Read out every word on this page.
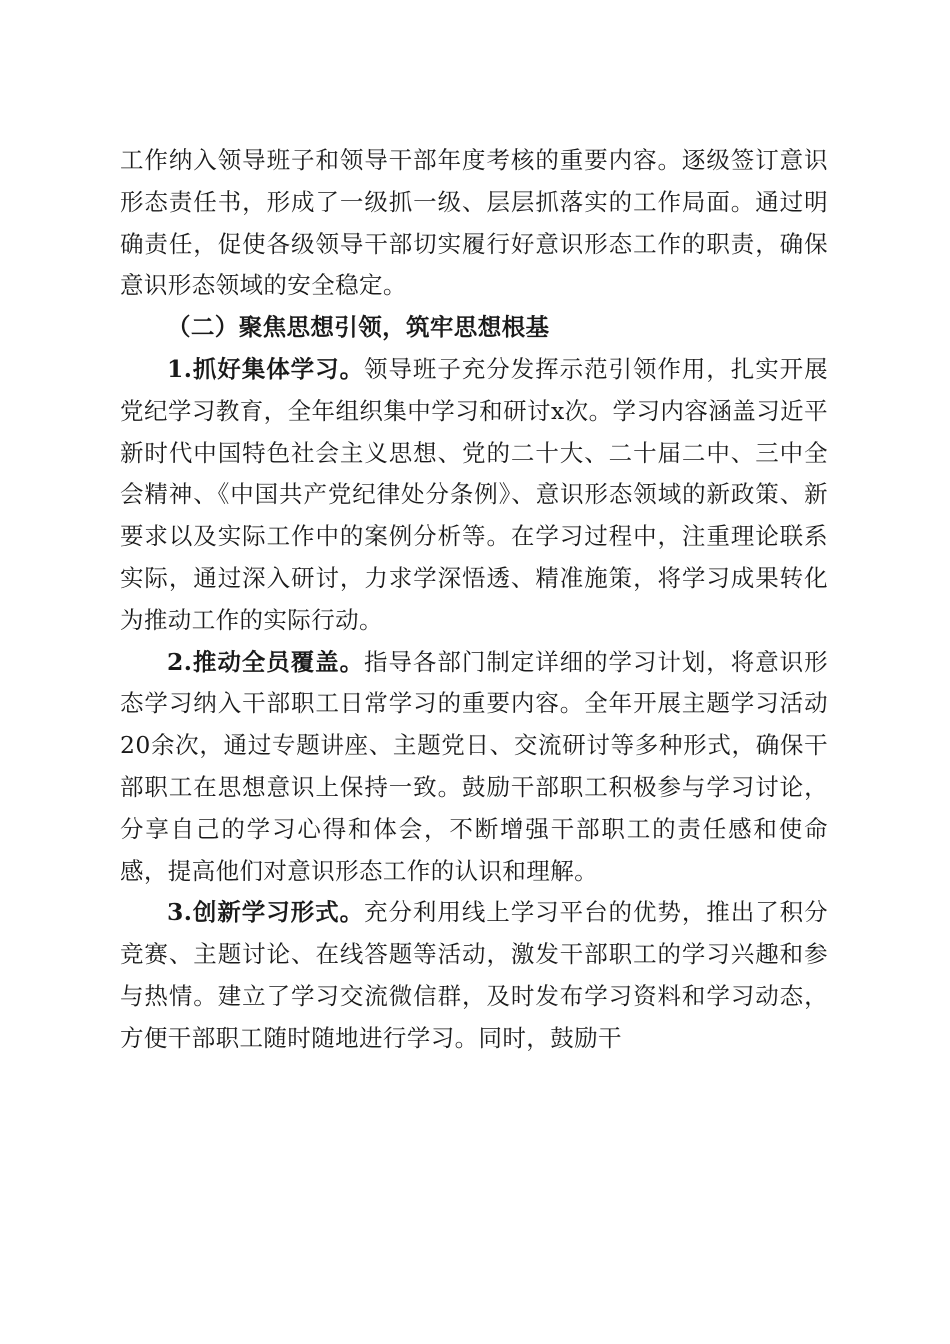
工作纳入领导班子和领导干部年度考核的重要内容。逐级签订意识形态责任书，形成了一级抓一级、层层抓落实的工作局面。通过明确责任，促使各级领导干部切实履行好意识形态工作的职责，确保意识形态领域的安全稳定。

（二）聚焦思想引领，筑牢思想根基

1.抓好集体学习。领导班子充分发挥示范引领作用，扎实开展党纪学习教育，全年组织集中学习和研讨x次。学习内容涵盖习近平新时代中国特色社会主义思想、党的二十大、二十届二中、三中全会精神、《中国共产党纪律处分条例》、意识形态领域的新政策、新要求以及实际工作中的案例分析等。在学习过程中，注重理论联系实际，通过深入研讨，力求学深悟透、精准施策，将学习成果转化为推动工作的实际行动。

2.推动全员覆盖。指导各部门制定详细的学习计划，将意识形态学习纳入干部职工日常学习的重要内容。全年开展主题学习活动20余次，通过专题讲座、主题党日、交流研讨等多种形式，确保干部职工在思想意识上保持一致。鼓励干部职工积极参与学习讨论，分享自己的学习心得和体会，不断增强干部职工的责任感和使命感，提高他们对意识形态工作的认识和理解。

3.创新学习形式。充分利用线上学习平台的优势，推出了积分竞赛、主题讨论、在线答题等活动，激发干部职工的学习兴趣和参与热情。建立了学习交流微信群，及时发布学习资料和学习动态，方便干部职工随时随地进行学习。同时，鼓励干
